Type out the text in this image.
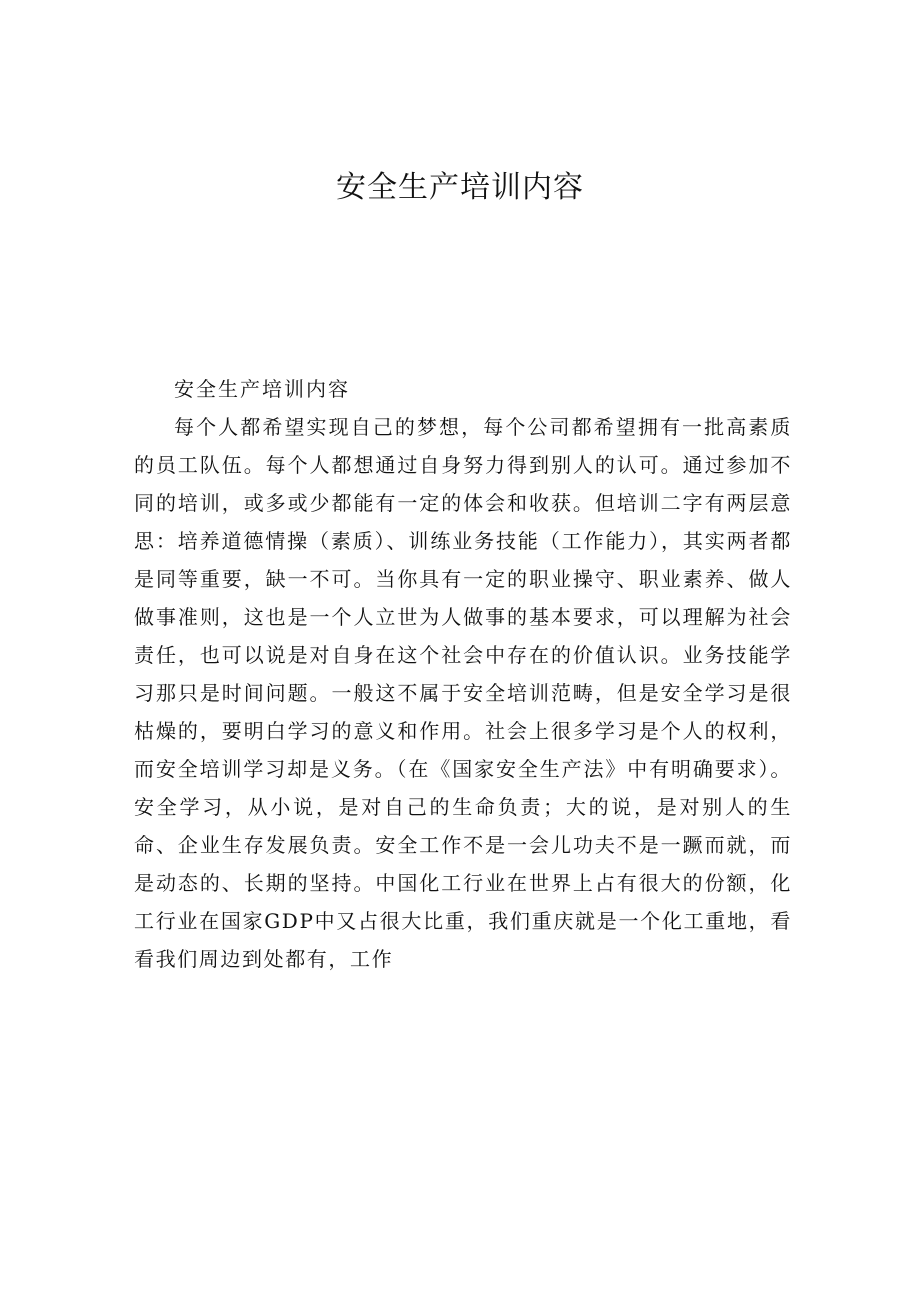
安全生产培训内容

安全生产培训内容

每个人都希望实现自己的梦想，每个公司都希望拥有一批高素质的员工队伍。每个人都想通过自身努力得到别人的认可。通过参加不同的培训，或多或少都能有一定的体会和收获。但培训二字有两层意思：培养道德情操（素质）、训练业务技能（工作能力），其实两者都是同等重要，缺一不可。当你具有一定的职业操守、职业素养、做人做事准则，这也是一个人立世为人做事的基本要求，可以理解为社会责任，也可以说是对自身在这个社会中存在的价值认识。业务技能学习那只是时间问题。一般这不属于安全培训范畴，但是安全学习是很枯燥的，要明白学习的意义和作用。社会上很多学习是个人的权利，而安全培训学习却是义务。（在《国家安全生产法》中有明确要求）。安全学习，从小说，是对自己的生命负责；大的说，是对别人的生命、企业生存发展负责。安全工作不是一会儿功夫不是一蹶而就，而是动态的、长期的坚持。中国化工行业在世界上占有很大的份额，化工行业在国家GDP中又占很大比重，我们重庆就是一个化工重地，看看我们周边到处都有，工作
